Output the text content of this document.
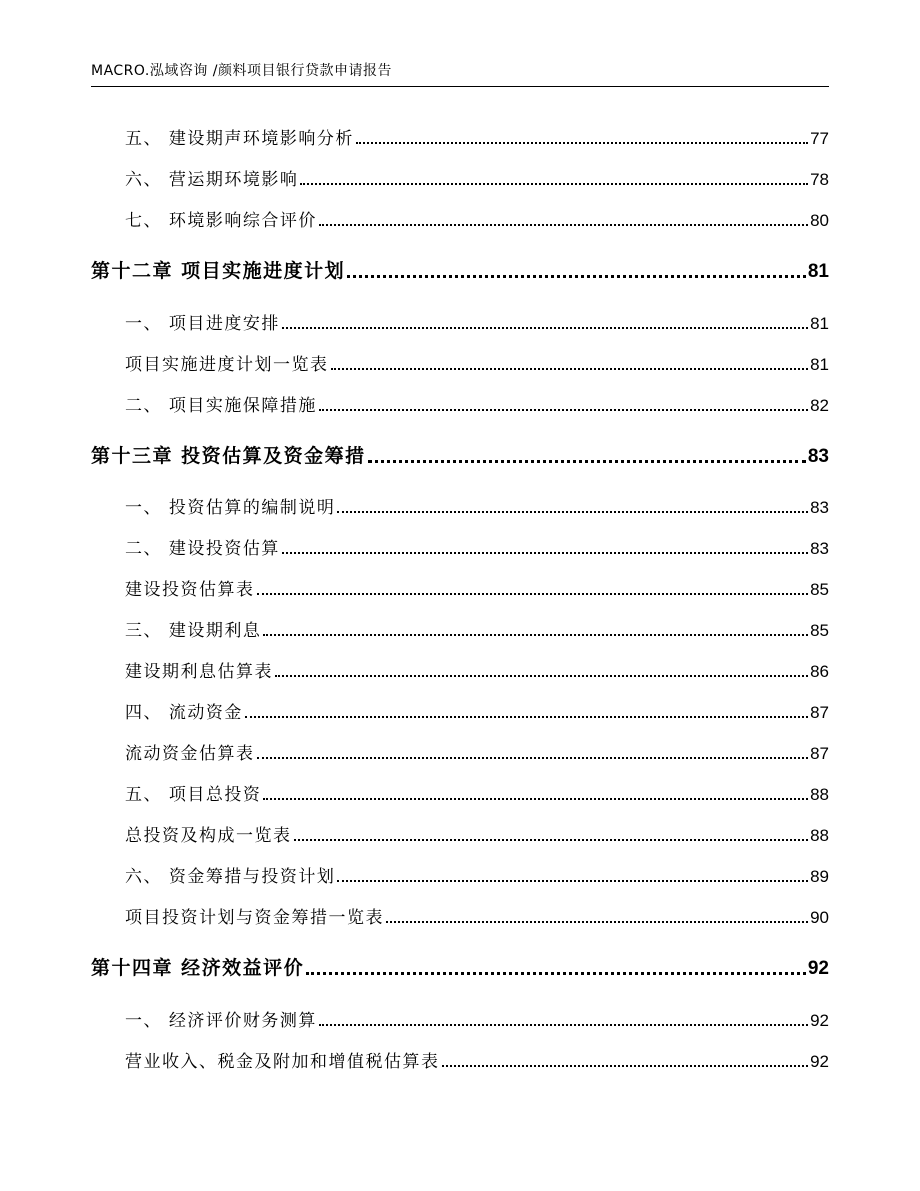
MACRO.泓域咨询 /颜料项目银行贷款申请报告
五、 建设期声环境影响分析	77
六、 营运期环境影响	78
七、 环境影响综合评价	80
第十二章 项目实施进度计划	81
一、 项目进度安排	81
项目实施进度计划一览表	81
二、 项目实施保障措施	82
第十三章 投资估算及资金筹措	83
一、 投资估算的编制说明	83
二、 建设投资估算	83
建设投资估算表	85
三、 建设期利息	85
建设期利息估算表	86
四、 流动资金	87
流动资金估算表	87
五、 项目总投资	88
总投资及构成一览表	88
六、 资金筹措与投资计划	89
项目投资计划与资金筹措一览表	90
第十四章 经济效益评价	92
一、 经济评价财务测算	92
营业收入、税金及附加和增值税估算表	92
